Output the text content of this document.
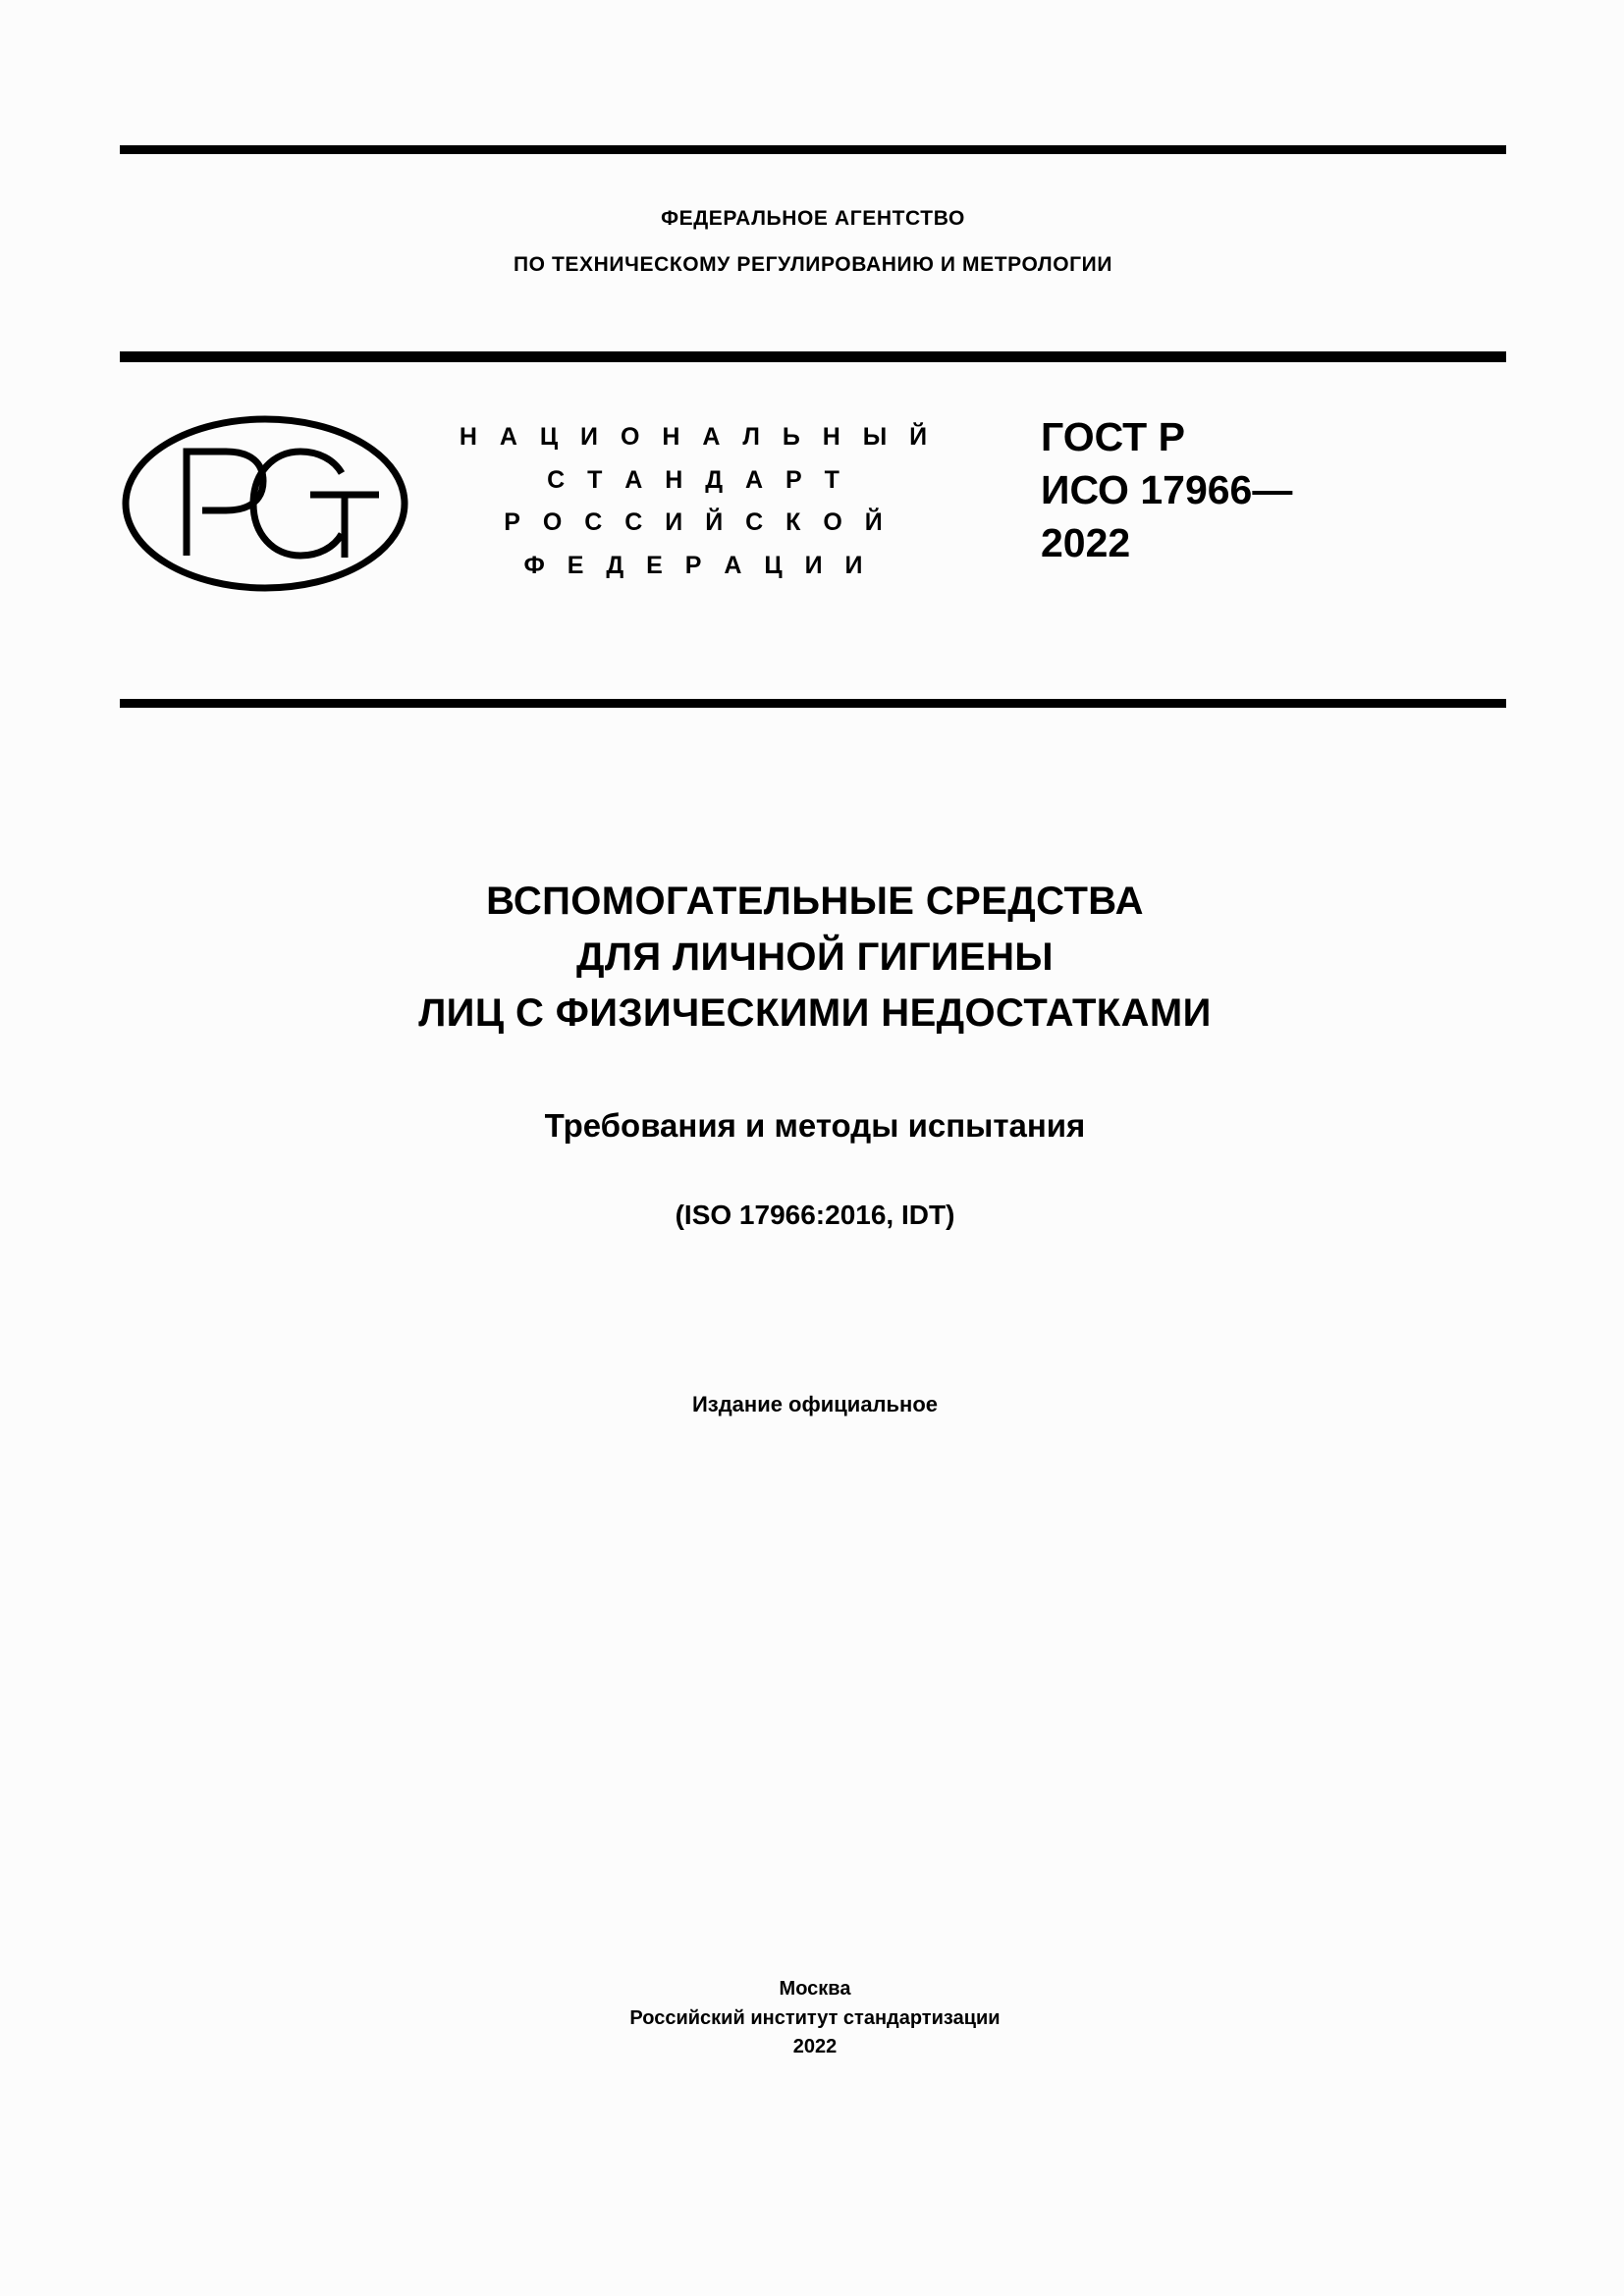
ФЕДЕРАЛЬНОЕ АГЕНТСТВО
ПО ТЕХНИЧЕСКОМУ РЕГУЛИРОВАНИЮ И МЕТРОЛОГИИ
Н А Ц И О Н А Л Ь Н Ы Й
С Т А Н Д А Р Т
Р О С С И Й С К О Й
Ф Е Д Е Р А Ц И И
ГОСТ Р
ИСО 17966—
2022
ВСПОМОГАТЕЛЬНЫЕ СРЕДСТВА
ДЛЯ ЛИЧНОЙ ГИГИЕНЫ
ЛИЦ С ФИЗИЧЕСКИМИ НЕДОСТАТКАМИ
Требования и методы испытания
(ISO 17966:2016, IDT)
Издание официальное
Москва
Российский институт стандартизации
2022
